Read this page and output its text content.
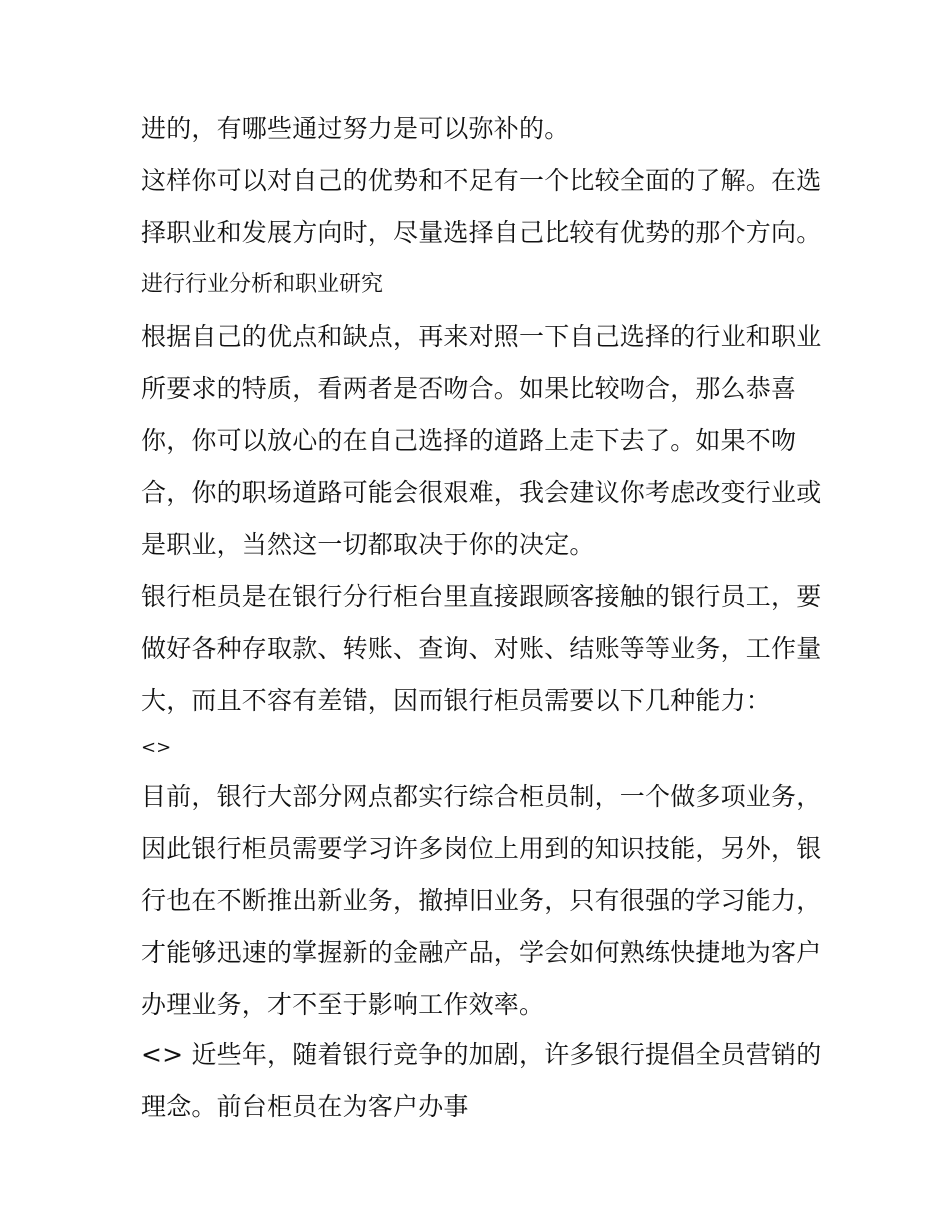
进的，有哪些通过努力是可以弥补的。
这样你可以对自己的优势和不足有一个比较全面的了解。在选
择职业和发展方向时，尽量选择自己比较有优势的那个方向。
进行行业分析和职业研究
根据自己的优点和缺点，再来对照一下自己选择的行业和职业
所要求的特质，看两者是否吻合。如果比较吻合，那么恭喜
你，你可以放心的在自己选择的道路上走下去了。如果不吻
合，你的职场道路可能会很艰难，我会建议你考虑改变行业或
是职业，当然这一切都取决于你的决定。
银行柜员是在银行分行柜台里直接跟顾客接触的银行员工，要
做好各种存取款、转账、查询、对账、结账等等业务，工作量
大，而且不容有差错，因而银行柜员需要以下几种能力：
<>
目前，银行大部分网点都实行综合柜员制，一个做多项业务，
因此银行柜员需要学习许多岗位上用到的知识技能，另外，银
行也在不断推出新业务，撤掉旧业务，只有很强的学习能力，
才能够迅速的掌握新的金融产品，学会如何熟练快捷地为客户
办理业务，才不至于影响工作效率。
<> 近些年，随着银行竞争的加剧，许多银行提倡全员营销的
理念。前台柜员在为客户办事
